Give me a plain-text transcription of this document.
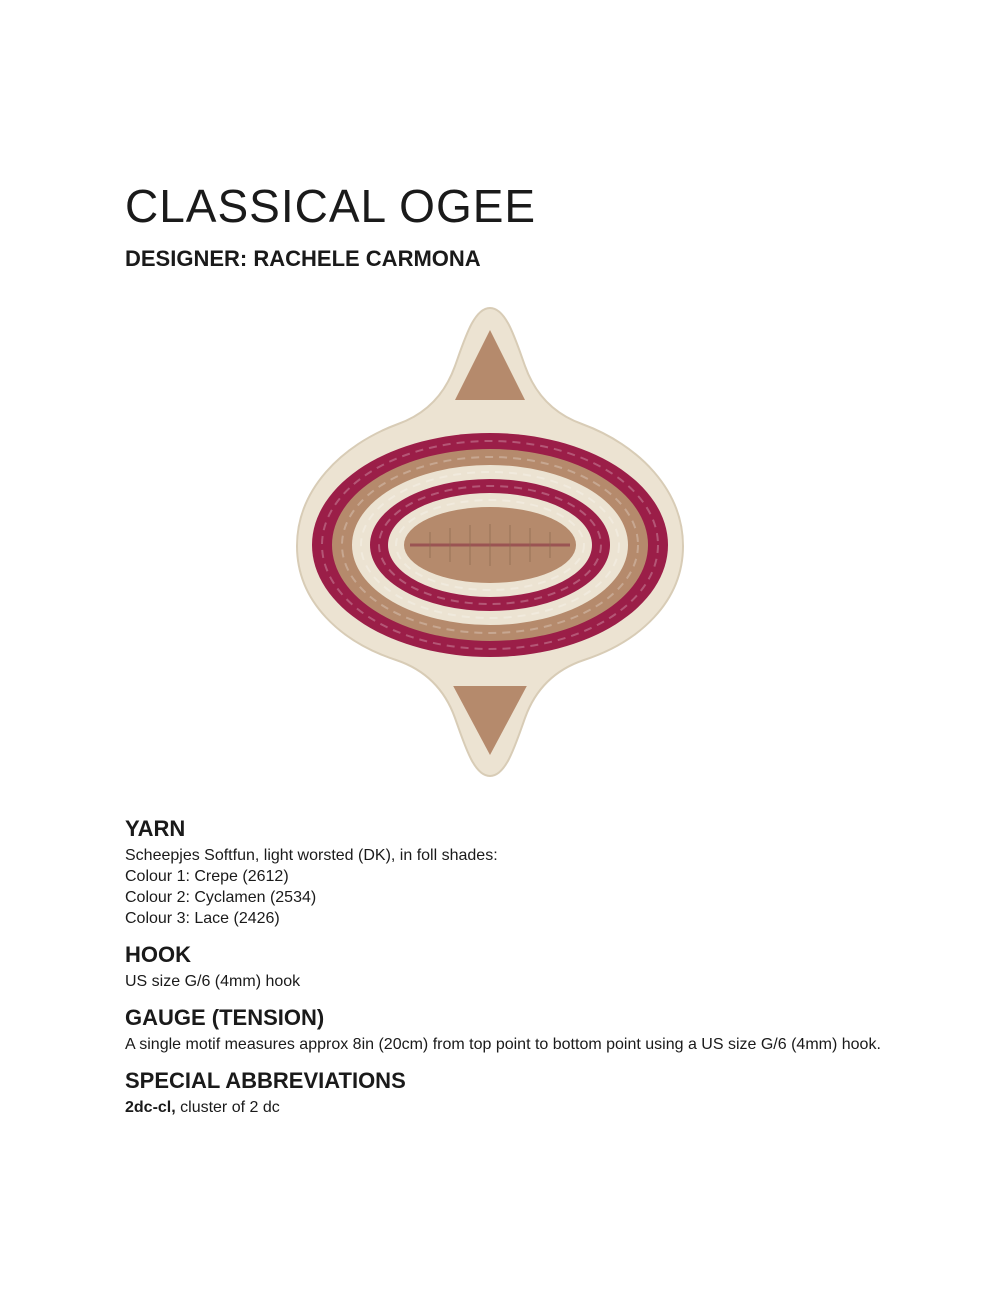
CLASSICAL OGEE
DESIGNER: RACHELE CARMONA
YARN

Scheepjes Softfun, light worsted (DK), in foll shades:

Colour 1: Crepe (2612)

Colour 2: Cyclamen (2534)

Colour 3: Lace (2426)

HOOK

US size G/6 (4mm) hook

GAUGE (TENSION)

A single motif measures approx 8in (20cm) from top point to bottom point using a US size G/6 (4mm) hook.

SPECIAL ABBREVIATIONS

2dc-cl, cluster of 2 dc
